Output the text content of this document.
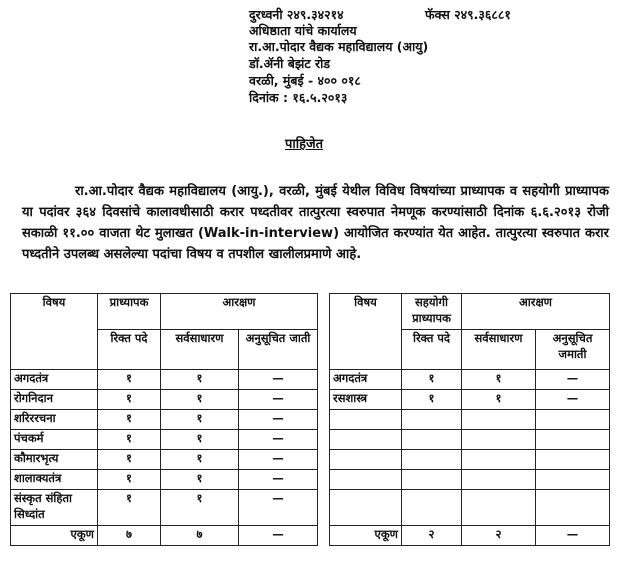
दुरध्वनी २४९.३४२१४	फॅक्स २४९.३६८८१
अधिष्ठाता यांचे कार्यालय
रा.आ.पोदार वैद्यक महाविद्यालय (आयु)
डॉ.ॲनी बेझंट रोड
वरळी, मुंबई - ४०० ०१८
दिनांक : १६.५.२०१३
पाहिजेत
रा.आ.पोदार वैद्यक महाविद्यालय (आयु.), वरळी, मुंबई येथील विविध विषयांच्या प्राध्यापक व सहयोगी प्राध्यापक या पदांवर ३६४ दिवसांचे कालावधीसाठी करार पध्दतीवर तात्पुरत्या स्वरुपात नेमणूक करण्यांसाठी दिनांक ६.६.२०१३ रोजी सकाळी ११.०० वाजता थेट मुलाखत (Walk-in-interview) आयोजित करण्यांत येत आहेत. तात्पुरत्या स्वरुपात करार पध्दतीने उपलब्ध असलेल्या पदांचा विषय व तपशील खालीलप्रमाणे आहे.
विषय	प्राध्यापक	आरक्षण	
	रिक्त पदे	सर्वसाधारण	अनुसूचित जाती
अगदतंत्र	१	१	—
रोगनिदान	१	१	—
शरिररचना	१	१	—
पंचकर्म	१	१	—
कौमारभृत्य	१	१	—
शालाक्यतंत्र	१	१	—
संस्कृत संहिता सिध्दांत	१	१	—
एकूण	७	७	—
विषय	सहयोगी प्राध्यापक	आरक्षण	
	रिक्त पदे	सर्वसाधारण	अनुसूचित जमाती
अगदतंत्र	१	१	—
रसशास्त्र	१	१	—

एकूण	२	२	—
